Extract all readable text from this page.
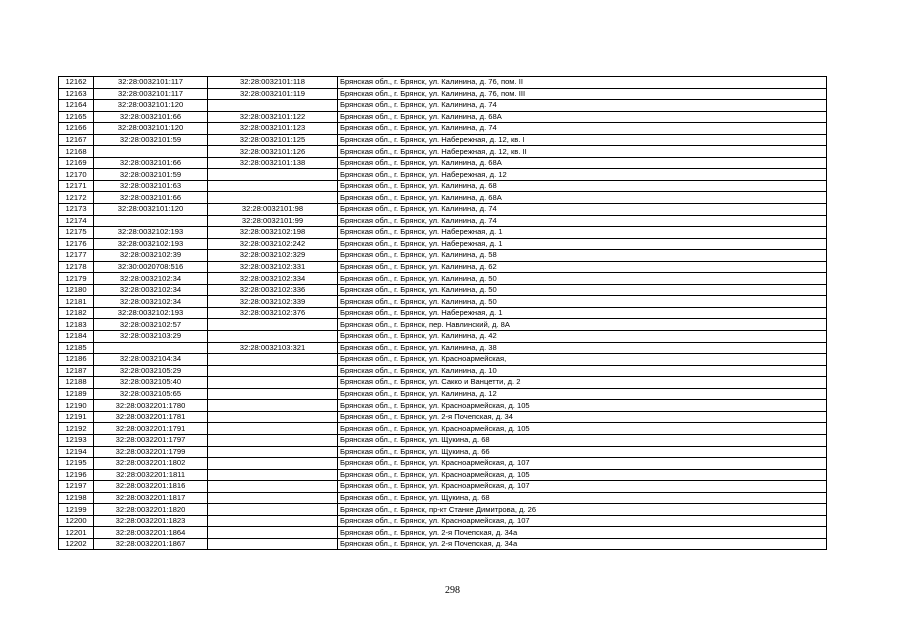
12162	32:28:0032101:117	32:28:0032101:118	Брянская обл., г. Брянск, ул. Калинина, д. 76, пом. II
12163	32:28:0032101:117	32:28:0032101:119	Брянская обл., г. Брянск, ул. Калинина, д. 76, пом. III
12164	32:28:0032101:120		Брянская обл., г. Брянск, ул. Калинина, д. 74
12165	32:28:0032101:66	32:28:0032101:122	Брянская обл., г. Брянск, ул. Калинина, д. 68А
12166	32:28:0032101:120	32:28:0032101:123	Брянская обл., г. Брянск, ул. Калинина, д. 74
12167	32:28:0032101:59	32:28:0032101:125	Брянская обл., г. Брянск, ул. Набережная, д. 12, кв. I
12168		32:28:0032101:126	Брянская обл., г. Брянск, ул. Набережная, д. 12, кв. II
12169	32:28:0032101:66	32:28:0032101:138	Брянская обл., г. Брянск, ул. Калинина, д. 68А
12170	32:28:0032101:59		Брянская обл., г. Брянск, ул. Набережная, д. 12
12171	32:28:0032101:63		Брянская обл., г. Брянск, ул. Калинина, д. 68
12172	32:28:0032101:66		Брянская обл., г. Брянск, ул. Калинина, д. 68А
12173	32:28:0032101:120	32:28:0032101:98	Брянская обл., г. Брянск, ул. Калинина, д. 74
12174		32:28:0032101:99	Брянская обл., г. Брянск, ул. Калинина, д. 74
12175	32:28:0032102:193	32:28:0032102:198	Брянская обл., г. Брянск, ул. Набережная, д. 1
12176	32:28:0032102:193	32:28:0032102:242	Брянская обл., г. Брянск, ул. Набережная, д. 1
12177	32:28:0032102:39	32:28:0032102:329	Брянская обл., г. Брянск, ул. Калинина, д. 58
12178	32:30:0020708:516	32:28:0032102:331	Брянская обл., г. Брянск, ул. Калинина, д. 62
12179	32:28:0032102:34	32:28:0032102:334	Брянская обл., г. Брянск, ул. Калинина, д. 50
12180	32:28:0032102:34	32:28:0032102:336	Брянская обл., г. Брянск, ул. Калинина, д. 50
12181	32:28:0032102:34	32:28:0032102:339	Брянская обл., г. Брянск, ул. Калинина, д. 50
12182	32:28:0032102:193	32:28:0032102:376	Брянская обл., г. Брянск, ул. Набережная, д. 1
12183	32:28:0032102:57		Брянская обл., г. Брянск, пер. Навлинский, д. 8А
12184	32:28:0032103:29		Брянская обл., г. Брянск, ул. Калинина, д. 42
12185		32:28:0032103:321	Брянская обл., г. Брянск, ул. Калинина, д. 38
12186	32:28:0032104:34		Брянская обл., г. Брянск, ул. Красноармейская,
12187	32:28:0032105:29		Брянская обл., г. Брянск, ул. Калинина, д. 10
12188	32:28:0032105:40		Брянская обл., г. Брянск, ул. Сакко и Ванцетти, д. 2
12189	32:28:0032105:65		Брянская обл., г. Брянск, ул. Калинина, д. 12
12190	32:28:0032201:1780		Брянская обл., г. Брянск, ул. Красноармейская, д. 105
12191	32:28:0032201:1781		Брянская обл., г. Брянск, ул. 2-я Почепская, д. 34
12192	32:28:0032201:1791		Брянская обл., г. Брянск, ул. Красноармейская, д. 105
12193	32:28:0032201:1797		Брянская обл., г. Брянск, ул. Щукина, д. 68
12194	32:28:0032201:1799		Брянская обл., г. Брянск, ул. Щукина, д. 66
12195	32:28:0032201:1802		Брянская обл., г. Брянск, ул. Красноармейская, д. 107
12196	32:28:0032201:1811		Брянская обл., г. Брянск, ул. Красноармейская, д. 105
12197	32:28:0032201:1816		Брянская обл., г. Брянск, ул. Красноармейская, д. 107
12198	32:28:0032201:1817		Брянская обл., г. Брянск, ул. Щукина, д. 68
12199	32:28:0032201:1820		Брянская обл., г. Брянск, пр-кт Станке Димитрова, д. 26
12200	32:28:0032201:1823		Брянская обл., г. Брянск, ул. Красноармейская, д. 107
12201	32:28:0032201:1864		Брянская обл., г. Брянск, ул. 2-я Почепская, д. 34а
12202	32:28:0032201:1867		Брянская обл., г. Брянск, ул. 2-я Почепская, д. 34а
298
